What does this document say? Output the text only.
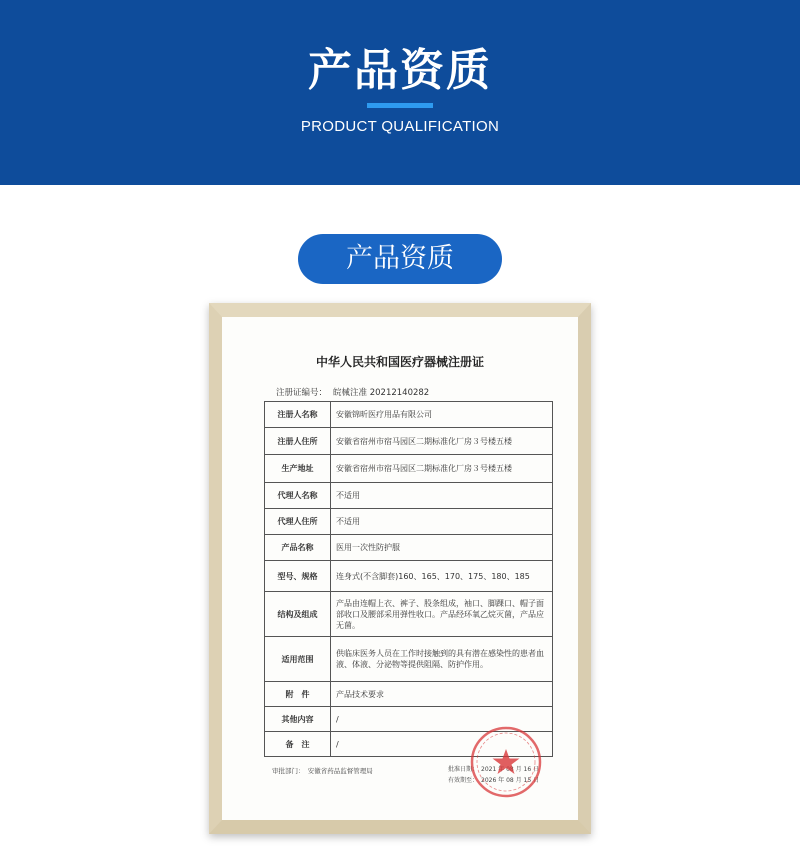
产品资质
PRODUCT QUALIFICATION
产品资质
中华人民共和国医疗器械注册证
注册证编号： 皖械注准 20212140282
注册人名称	安徽锦昕医疗用品有限公司
注册人住所	安徽省宿州市宿马园区二期标准化厂房３号楼五楼
生产地址	安徽省宿州市宿马园区二期标准化厂房３号楼五楼
代理人名称	不适用
代理人住所	不适用
产品名称	医用一次性防护服
型号、规格	连身式(不含脚套)160、165、170、175、180、185
结构及组成	产品由连帽上衣、裤子、股条组成，袖口、脚踝口、帽子面部收口及腰部采用弹性收口。产品经环氧乙烷灭菌，产品应无菌。
适用范围	供临床医务人员在工作时接触到的具有潜在感染性的患者血液、体液、分泌物等提供阻隔、防护作用。
附　件	产品技术要求
其他内容	/
备　注	/
审批部门：　安徽省药品监督管理局	批准日期：　2021 年 08 月 16 日
有效期至：　2026 年 08 月 15 日
